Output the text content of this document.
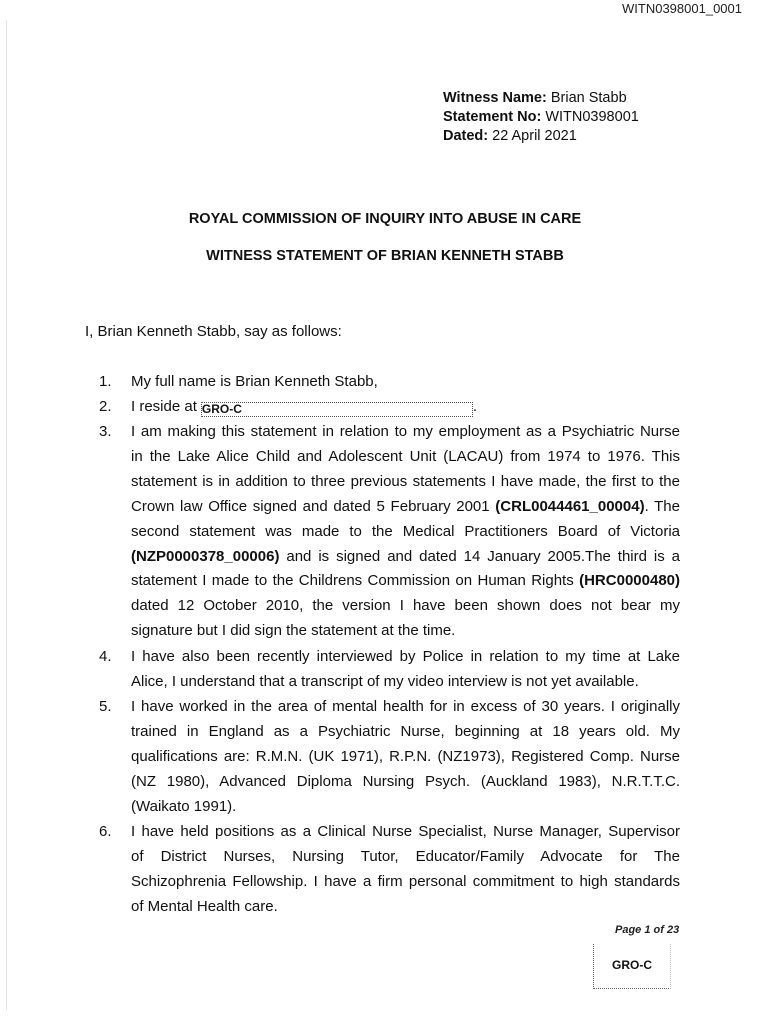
WITN0398001_0001
Witness Name: Brian Stabb
Statement No: WITN0398001
Dated: 22 April 2021
ROYAL COMMISSION OF INQUIRY INTO ABUSE IN CARE
WITNESS STATEMENT OF BRIAN KENNETH STABB
I, Brian Kenneth Stabb, say as follows:
1. My full name is Brian Kenneth Stabb,
2. I reside at GRO-C	.
3. I am making this statement in relation to my employment as a Psychiatric Nurse
in the Lake Alice Child and Adolescent Unit (LACAU) from 1974 to 1976. This
statement is in addition to three previous statements I have made, the first to the
Crown law Office signed and dated 5 February 2001 (CRL0044461_00004). The
second statement was made to the Medical Practitioners Board of Victoria
(NZP0000378_00006) and is signed and dated 14 January 2005.The third is a
statement I made to the Childrens Commission on Human Rights (HRC0000480)
dated 12 October 2010, the version I have been shown does not bear my
signature but I did sign the statement at the time.
4. I have also been recently interviewed by Police in relation to my time at Lake
Alice, I understand that a transcript of my video interview is not yet available.
5. I have worked in the area of mental health for in excess of 30 years. I originally
trained in England as a Psychiatric Nurse, beginning at 18 years old. My
qualifications are: R.M.N. (UK 1971), R.P.N. (NZ1973), Registered Comp. Nurse
(NZ 1980), Advanced Diploma Nursing Psych. (Auckland 1983), N.R.T.T.C.
(Waikato 1991).
6. I have held positions as a Clinical Nurse Specialist, Nurse Manager, Supervisor
of District Nurses, Nursing Tutor, Educator/Family Advocate for The
Schizophrenia Fellowship. I have a firm personal commitment to high standards
of Mental Health care.
Page 1 of 23
GRO-C
